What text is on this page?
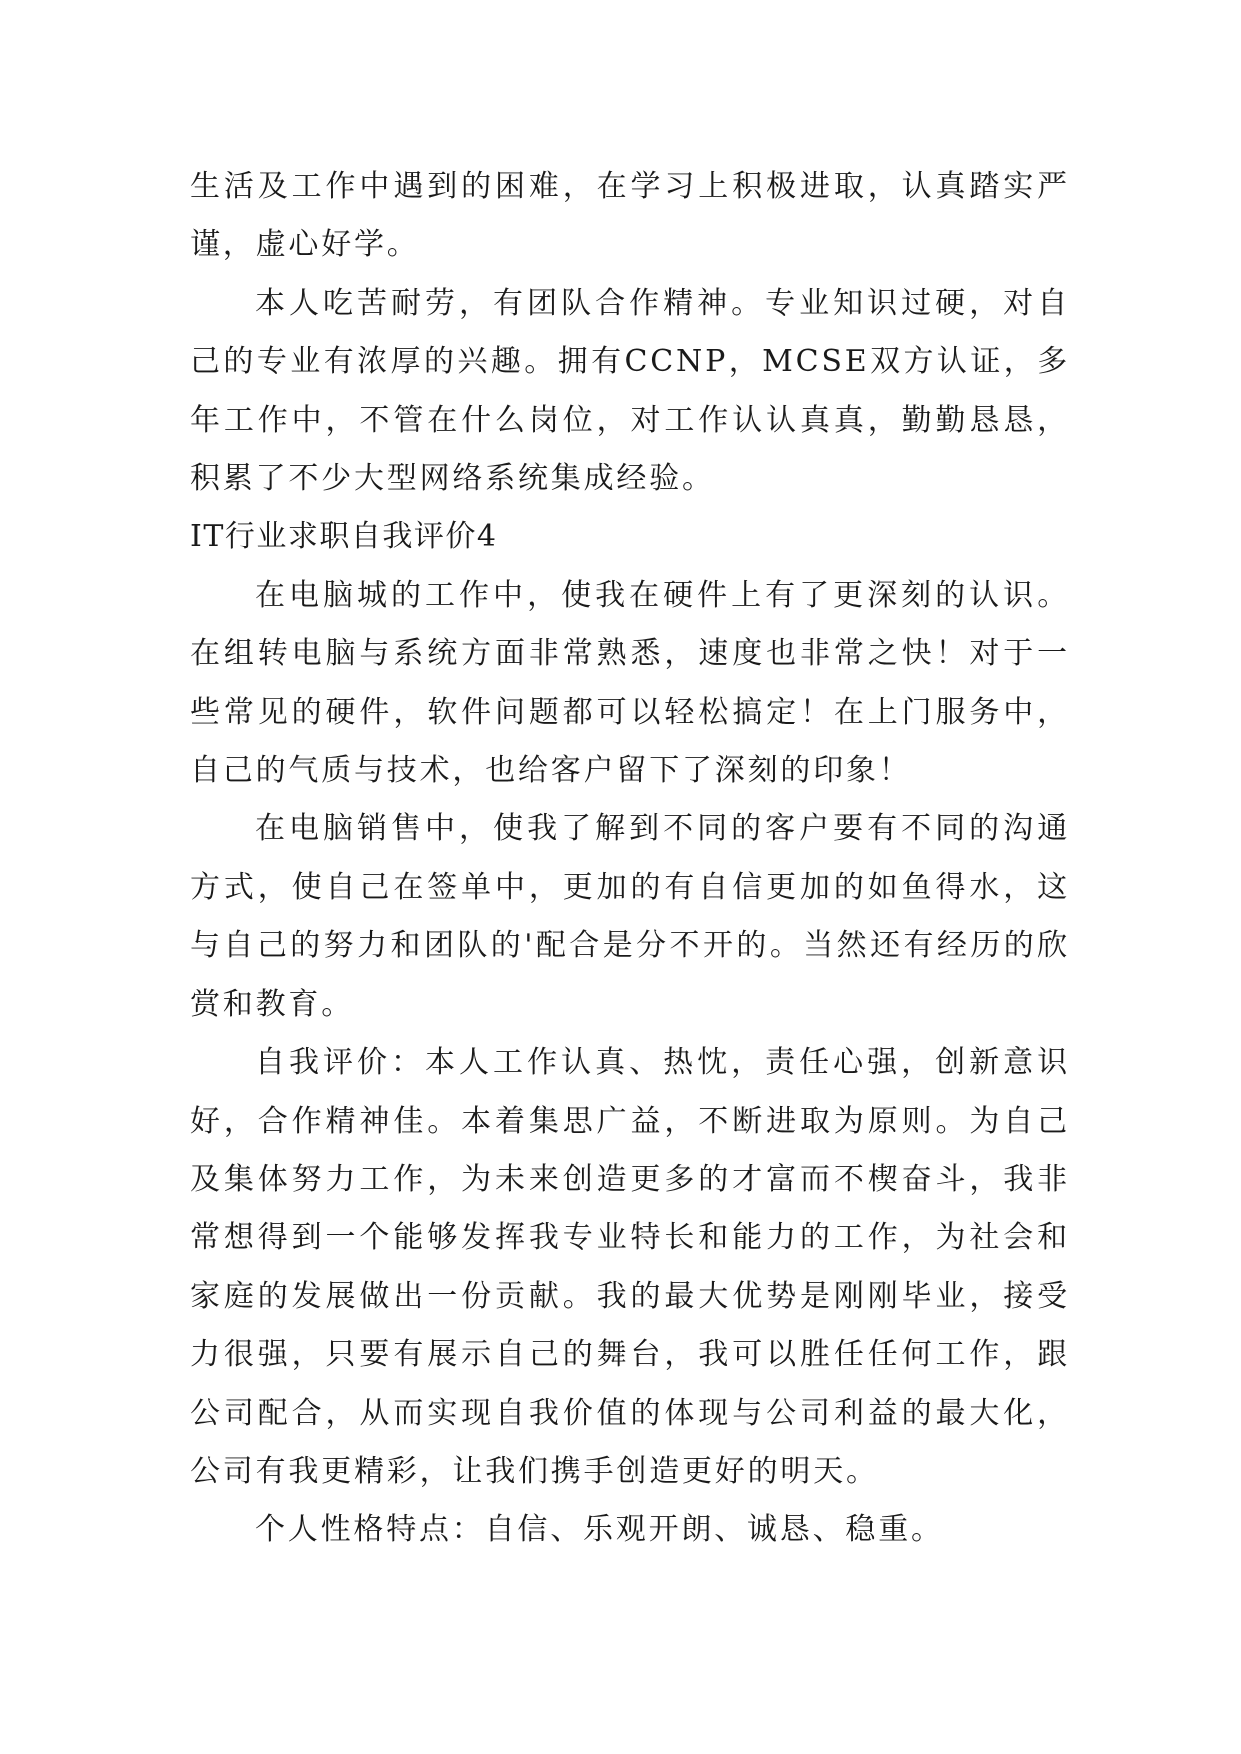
生活及工作中遇到的困难，在学习上积极进取，认真踏实严谨，虚心好学。

本人吃苦耐劳，有团队合作精神。专业知识过硬，对自己的专业有浓厚的兴趣。拥有CCNP，MCSE双方认证，多年工作中，不管在什么岗位，对工作认认真真，勤勤恳恳，积累了不少大型网络系统集成经验。

IT行业求职自我评价4

在电脑城的工作中，使我在硬件上有了更深刻的认识。在组转电脑与系统方面非常熟悉，速度也非常之快！对于一些常见的硬件，软件问题都可以轻松搞定！在上门服务中，自己的气质与技术，也给客户留下了深刻的印象！

在电脑销售中，使我了解到不同的客户要有不同的沟通方式，使自己在签单中，更加的有自信更加的如鱼得水，这与自己的努力和团队的'配合是分不开的。当然还有经历的欣赏和教育。

自我评价：本人工作认真、热忱，责任心强，创新意识好，合作精神佳。本着集思广益，不断进取为原则。为自己及集体努力工作，为未来创造更多的才富而不楔奋斗，我非常想得到一个能够发挥我专业特长和能力的工作，为社会和家庭的发展做出一份贡献。我的最大优势是刚刚毕业，接受力很强，只要有展示自己的舞台，我可以胜任任何工作，跟公司配合，从而实现自我价值的体现与公司利益的最大化，公司有我更精彩，让我们携手创造更好的明天。

个人性格特点：自信、乐观开朗、诚恳、稳重。
